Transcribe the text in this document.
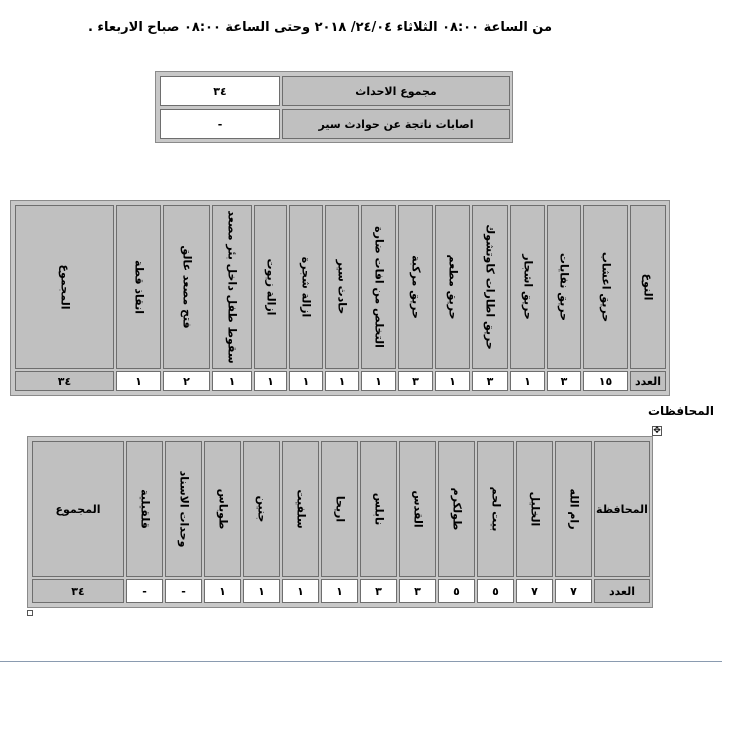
من الساعة ٠٨:٠٠ الثلاثاء ٢٤/٠٤/ ٢٠١٨ وحتى الساعة ٠٨:٠٠ صباح الاربعاء .
مجموع الاحداث
٣٤
اصابات ناتجة عن حوادث سير
-
النوع
العدد
حريق اعشاب
١٥
حريق نفايات
٣
حريق اشجار
١
حريق اطارات كاوتشوك
٣
حريق مطعم
١
حريق مركبة
٣
التخلص من افات ضارة
١
حادث سير
١
ازالة شجرة
١
ازالة زيوت
١
سقوط طفل داخل بئر مصعد
١
فتح مصعد عالق
٢
انقاذ قطة
١
المجموع
٣٤
المحافظات
✥
المحافظة
العدد
رام الله
٧
الخليل
٧
بيت لحم
٥
طولكرم
٥
القدس
٣
نابلس
٣
اريحا
١
سلفيت
١
جنين
١
طوباس
١
وحدات الاسناد
-
قلقيلية
-
المجموع
٣٤
